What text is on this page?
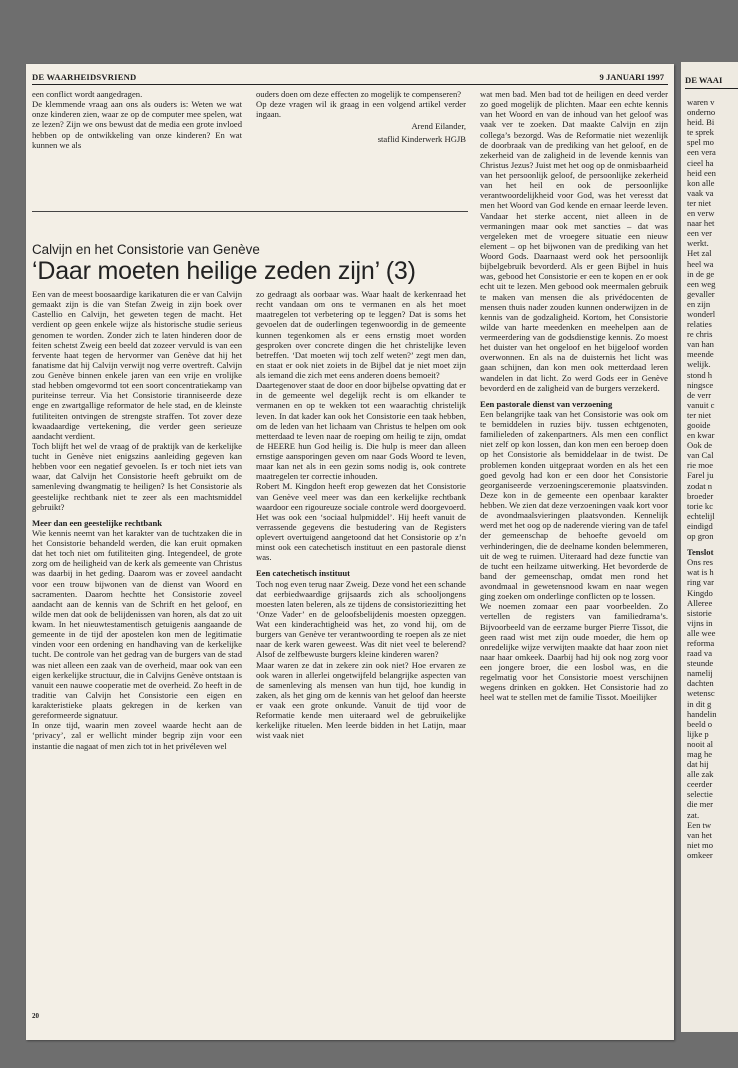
DE WAARHEIDSVRIEND	9 JANUARI 1997

een conflict wordt aangedragen.

De klemmende vraag aan ons als ouders is: Weten we wat onze kinderen zien, waar ze op de computer mee spelen, wat ze lezen? Zijn we ons bewust dat de media een grote invloed hebben op de ontwikkeling van onze kinderen? En wat kunnen we als

ouders doen om deze effecten zo mogelijk te compenseren?

Op deze vragen wil ik graag in een volgend artikel verder ingaan.

Arend Eilander,

staflid Kinderwerk HGJB

Calvijn en het Consistorie van Genève
‘Daar moeten heilige zeden zijn’ (3)

Een van de meest boosaardige karikaturen die er van Calvijn gemaakt zijn is die van Stefan Zweig in zijn boek over Castellio en Calvijn, het geweten tegen de macht. Het verdient op geen enkele wijze als historische studie serieus genomen te worden. Zonder zich te laten hinderen door de feiten schetst Zweig een beeld dat zozeer vervuld is van een fervente haat tegen de hervormer van Genève dat hij het fanatisme dat hij Calvijn verwijt nog verre overtreft. Calvijn zou Genève binnen enkele jaren van een vrije en vrolijke stad hebben omgevormd tot een soort concentratiekamp van puriteinse terreur. Via het Consistorie tiranniseerde deze enge en zwartgallige reformator de hele stad, en de kleinste futiliteiten ontvingen de strengste straffen. Tot zover deze kwaadaardige vertekening, die verder geen serieuze aandacht verdient.

Toch blijft het wel de vraag of de praktijk van de kerkelijke tucht in Genève niet enigszins aanleiding gegeven kan hebben voor een negatief gevoelen. Is er toch niet iets van waar, dat Calvijn het Consistorie heeft gebruikt om de samenleving dwangmatig te heiligen? Is het Consistorie als geestelijke rechtbank niet te zeer als een machtsmiddel gebruikt?

Meer dan een geestelijke rechtbank

Wie kennis neemt van het karakter van de tuchtzaken die in het Consistorie behandeld werden, die kan eruit opmaken dat het toch niet om futiliteiten ging. Integendeel, de grote zorg om de heiligheid van de kerk als gemeente van Christus was daarbij in het geding. Daarom was er zoveel aandacht voor een trouw bijwonen van de dienst van Woord en sacramenten. Daarom hechtte het Consistorie zoveel aandacht aan de kennis van de Schrift en het geloof, en wilde men dat ook de belijdenissen van horen, als dat zo uit kwam. In het nieuwtestamentisch getuigenis aangaande de gemeente in de tijd der apostelen kon men de legitimatie vinden voor een ordening en handhaving van de kerkelijke tucht. De controle van het gedrag van de burgers van de stad was niet alleen een zaak van de overheid, maar ook van een eigen kerkelijke structuur, die in Calvijns Genève ontstaan is vanuit een nauwe cooperatie met de overheid. Zo heeft in de traditie van Calvijn het Consistorie een eigen en karakteristieke plaats gekregen in de kerken van gereformeerde signatuur.

In onze tijd, waarin men zoveel waarde hecht aan de ‘privacy’, zal er wellicht minder begrip zijn voor een instantie die nagaat of men zich tot in het privéleven wel

zo gedraagt als oorbaar was. Waar haalt de kerkenraad het recht vandaan om ons te vermanen en als het moet maatregelen tot verbetering op te leggen? Dat is soms het gevoelen dat de ouderlingen tegenwoordig in de gemeente kunnen tegenkomen als er eens ernstig moet worden gesproken over concrete dingen die het christelijke leven betreffen. ‘Dat moeten wij toch zelf weten?’ zegt men dan, en staat er ook niet zoiets in de Bijbel dat je niet moet zijn als iemand die zich met eens anderen doens bemoeit?

Daartegenover staat de door en door bijbelse opvatting dat er in de gemeente wel degelijk recht is om elkander te vermanen en op te wekken tot een waarachtig christelijk leven. In dat kader kan ook het Consistorie een taak hebben, om de leden van het lichaam van Christus te helpen om ook metterdaad te leven naar de roeping om heilig te zijn, omdat de HEERE hun God heilig is. Die hulp is meer dan alleen ernstige aansporingen geven om naar Gods Woord te leven, maar kan net als in een gezin soms nodig is, ook contrete maatregelen ter correctie inhouden.

Robert M. Kingdon heeft erop gewezen dat het Consistorie van Genève veel meer was dan een kerkelijke rechtbank waardoor een rigoureuze sociale controle werd doorgevoerd. Het was ook een ‘sociaal hulpmiddel’. Hij heeft vanuit de verrassende gegevens die bestudering van de Registers oplevert overtuigend aangetoond dat het Consistorie op z’n minst ook een catechetisch instituut en een pastorale dienst was.

Een catechetisch instituut

Toch nog even terug naar Zweig. Deze vond het een schande dat eerbiedwaardige grijsaards zich als schooljongens moesten laten beleren, als ze tijdens de consistoriezitting het ‘Onze Vader’ en de geloofsbelijdenis moesten opzeggen. Wat een kinderachtigheid was het, zo vond hij, om de burgers van Genève ter verantwoording te roepen als ze niet naar de kerk waren geweest. Was dit niet veel te belerend? Alsof de zelfbewuste burgers kleine kinderen waren?

Maar waren ze dat in zekere zin ook niet? Hoe ervaren ze ook waren in allerlei ongetwijfeld belangrijke aspecten van de samenleving als mensen van hun tijd, hoe kundig in zaken, als het ging om de kennis van het geloof dan heerste er vaak een grote onkunde. Vanuit de tijd voor de Reformatie kende men uiteraard wel de gebruikelijke kerkelijke rituelen. Men leerde bidden in het Latijn, maar wist vaak niet

wat men bad. Men bad tot de heiligen en deed verder zo goed mogelijk de plichten. Maar een echte kennis van het Woord en van de inhoud van het geloof was vaak ver te zoeken. Dat maakte Calvijn en zijn collega’s bezorgd. Was de Reformatie niet wezenlijk de doorbraak van de prediking van het geloof, en de zekerheid van de zaligheid in de levende kennis van Christus Jezus? Juist met het oog op de onmisbaarheid van het persoonlijk geloof, de persoonlijke zekerheid van het heil en ook de persoonlijke verantwoordelijkheid voor God, was het veresst dat men het Woord van God kende en ernaar leerde leven. Vandaar het sterke accent, niet alleen in de vermaningen maar ook met sancties – dat was vergeleken met de vroegere situatie een nieuw element – op het bijwonen van de prediking van het Woord Gods. Daarnaast werd ook het persoonlijk bijbelgebruik bevorderd. Als er geen Bijbel in huis was, gebood het Consistorie er een te kopen en er ook echt uit te lezen. Men gebood ook meermalen gebruik te maken van mensen die als privédocenten de mensen thuis nader zouden kunnen onderwijzen in de kennis van de godzaligheid. Kortom, het Consistorie wilde van harte meedenken en meehelpen aan de vermeerdering van de godsdienstige kennis. Zo moest het duister van het ongeloof en het bijgeloof worden overwonnen. En als na de duisternis het licht was gaan schijnen, dan kon men ook metterdaad leren wandelen in dat licht. Zo werd Gods eer in Genève bevorderd en de zaligheid van de burgers verzekerd.

Een pastorale dienst van verzoening

Een belangrijke taak van het Consistorie was ook om te bemiddelen in ruzies bijv. tussen echtgenoten, familieleden of zakenpartners. Als men een conflict niet zelf op kon lossen, dan kon men een beroep doen op het Consistorie als bemiddelaar in de twist. De problemen konden uitgepraat worden en als het een goed gevolg had kon er een door het Consistorie georganiseerde verzoeningsceremonie plaatsvinden. Deze kon in de gemeente een openbaar karakter hebben. We zien dat deze verzoeningen vaak kort voor de avondmaalsvieringen plaatsvonden. Kennelijk werd met het oog op de naderende viering van de tafel der gemeenschap de behoefte gevoeld om verhinderingen, die de deelname konden belemmeren, uit de weg te ruimen. Uiteraard had deze functie van de tucht een heilzame uitwerking. Het bevorderde de band der gemeenschap, omdat men rond het avondmaal in gewetensnood kwam en naar wegen ging zoeken om onderlinge conflicten op te lossen.

We noemen zomaar een paar voorbeelden. Zo vertellen de registers van familiedrama’s. Bijvoorbeeld van de eerzame burger Pierre Tissot, die geen raad wist met zijn oude moeder, die hem op onredelijke wijze verwijten maakte dat haar zoon niet naar haar omkeek. Daarbij had hij ook nog zorg voor een jongere broer, die een losbol was, en die regelmatig voor het Consistorie moest verschijnen wegens drinken en gokken. Het Consistorie had zo heel wat te stellen met de familie Tissot. Moeilijker

20
DE WAAI

waren v

onderno

heid. Bi

te sprek

spel mo

een vera

cieel ha

heid een

kon alle

vaak va

ter niet

en verw

naar het

een ver

werkt.

Het zal

heel wa

in de ge

een weg

gevaller

en zijn

wonderl

relaties

re chris

van han

meende

welijk.

stond h

ningsce

de verr

vanuit c

ter niet

gooide

en kwar

Ook de

van Cal

rie moe

Farel ju

zodat n

broeder

torie kc

echtelijl

eindigd

op gron

Tenslot

Ons res

wat is h

ring var

Kingdo

Alleree

sistorie

vijns in

alle wee

reforma

raad va

steunde

namelij

dachten

wetensc

in dit g

handelin

beeld o

lijke p

nooit al

mag he

dat hij

alle zak

ceerder

selectie

die mer

zat.

Een tw

van het

niet mo

omkeer
